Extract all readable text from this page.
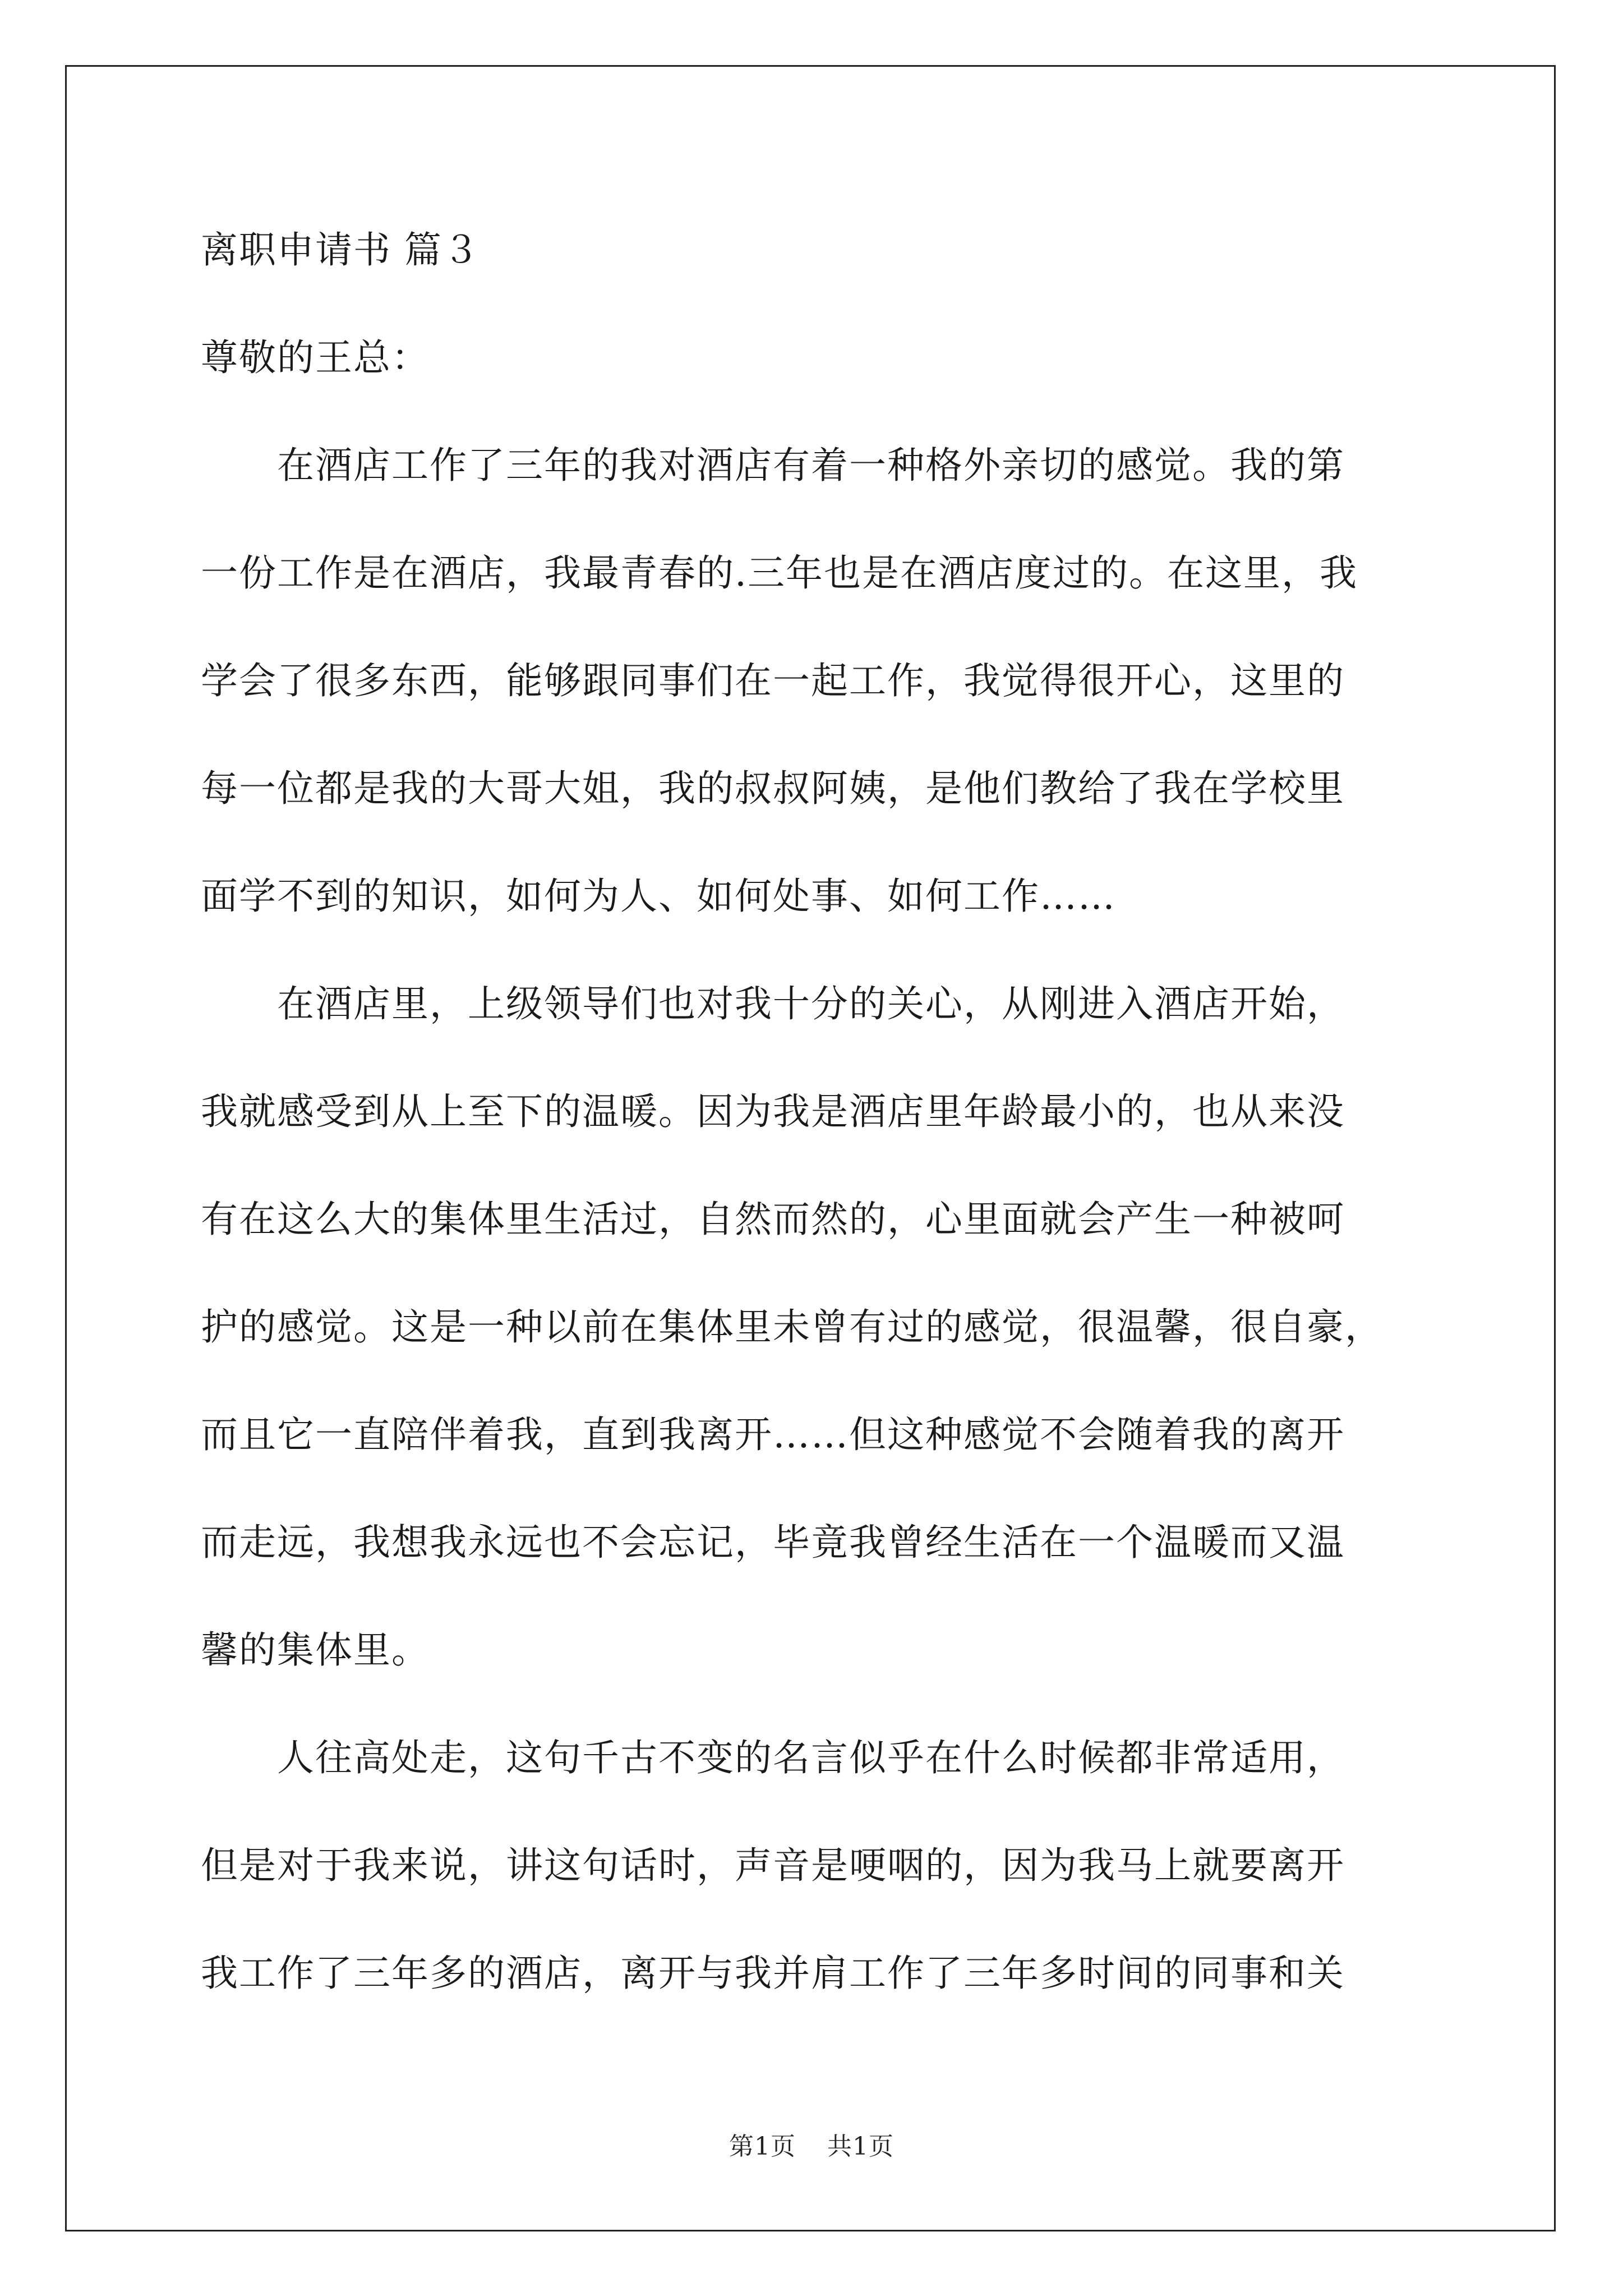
离职申请书 篇３
尊敬的王总：
在酒店工作了三年的我对酒店有着一种格外亲切的感觉。我的第
一份工作是在酒店，我最青春的.三年也是在酒店度过的。在这里，我
学会了很多东西，能够跟同事们在一起工作，我觉得很开心，这里的
每一位都是我的大哥大姐，我的叔叔阿姨，是他们教给了我在学校里
面学不到的知识，如何为人、如何处事、如何工作……
在酒店里，上级领导们也对我十分的关心，从刚进入酒店开始，
我就感受到从上至下的温暖。因为我是酒店里年龄最小的，也从来没
有在这么大的集体里生活过，自然而然的，心里面就会产生一种被呵
护的感觉。这是一种以前在集体里未曾有过的感觉，很温馨，很自豪，
而且它一直陪伴着我，直到我离开……但这种感觉不会随着我的离开
而走远，我想我永远也不会忘记，毕竟我曾经生活在一个温暖而又温
馨的集体里。
人往高处走，这句千古不变的名言似乎在什么时候都非常适用，
但是对于我来说，讲这句话时，声音是哽咽的，因为我马上就要离开
我工作了三年多的酒店，离开与我并肩工作了三年多时间的同事和关
第1页 共1页
